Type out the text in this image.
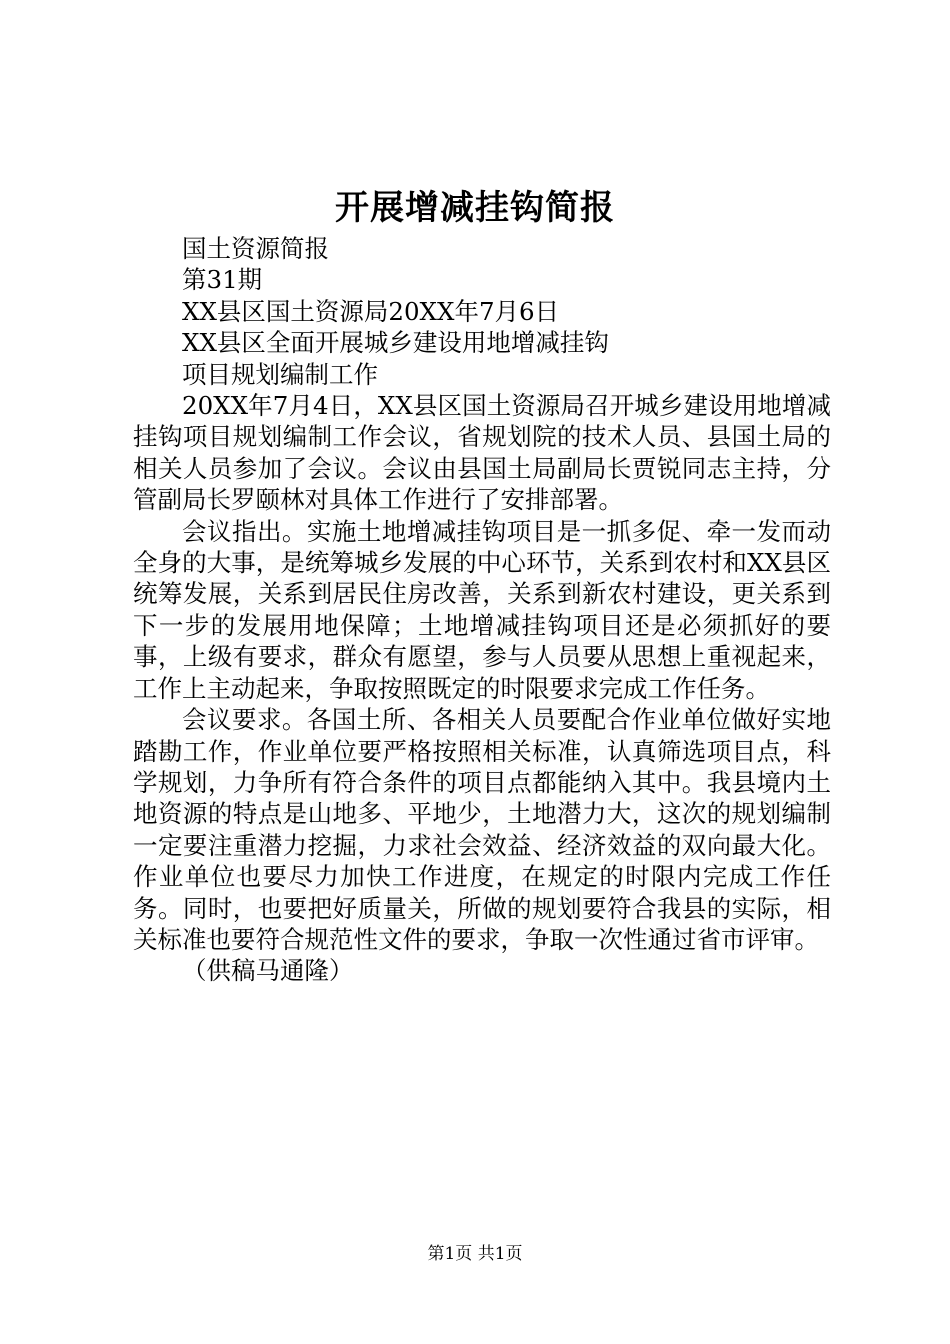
开展增减挂钩简报

国土资源简报

第31期

XX县区国土资源局20XX年7月6日

XX县区全面开展城乡建设用地增减挂钩

项目规划编制工作

20XX年7月4日，XX县区国土资源局召开城乡建设用地增减挂钩项目规划编制工作会议，省规划院的技术人员、县国土局的相关人员参加了会议。会议由县国土局副局长贾锐同志主持，分管副局长罗颐林对具体工作进行了安排部署。

会议指出。实施土地增减挂钩项目是一抓多促、牵一发而动全身的大事，是统筹城乡发展的中心环节，关系到农村和XX县区统筹发展，关系到居民住房改善，关系到新农村建设，更关系到下一步的发展用地保障；土地增减挂钩项目还是必须抓好的要事，上级有要求，群众有愿望，参与人员要从思想上重视起来，工作上主动起来，争取按照既定的时限要求完成工作任务。

会议要求。各国土所、各相关人员要配合作业单位做好实地踏勘工作，作业单位要严格按照相关标准，认真筛选项目点，科学规划，力争所有符合条件的项目点都能纳入其中。我县境内土地资源的特点是山地多、平地少，土地潜力大，这次的规划编制一定要注重潜力挖掘，力求社会效益、经济效益的双向最大化。作业单位也要尽力加快工作进度，在规定的时限内完成工作任务。同时，也要把好质量关，所做的规划要符合我县的实际，相关标准也要符合规范性文件的要求，争取一次性通过省市评审。

（供稿马通隆）

第1页 共1页
